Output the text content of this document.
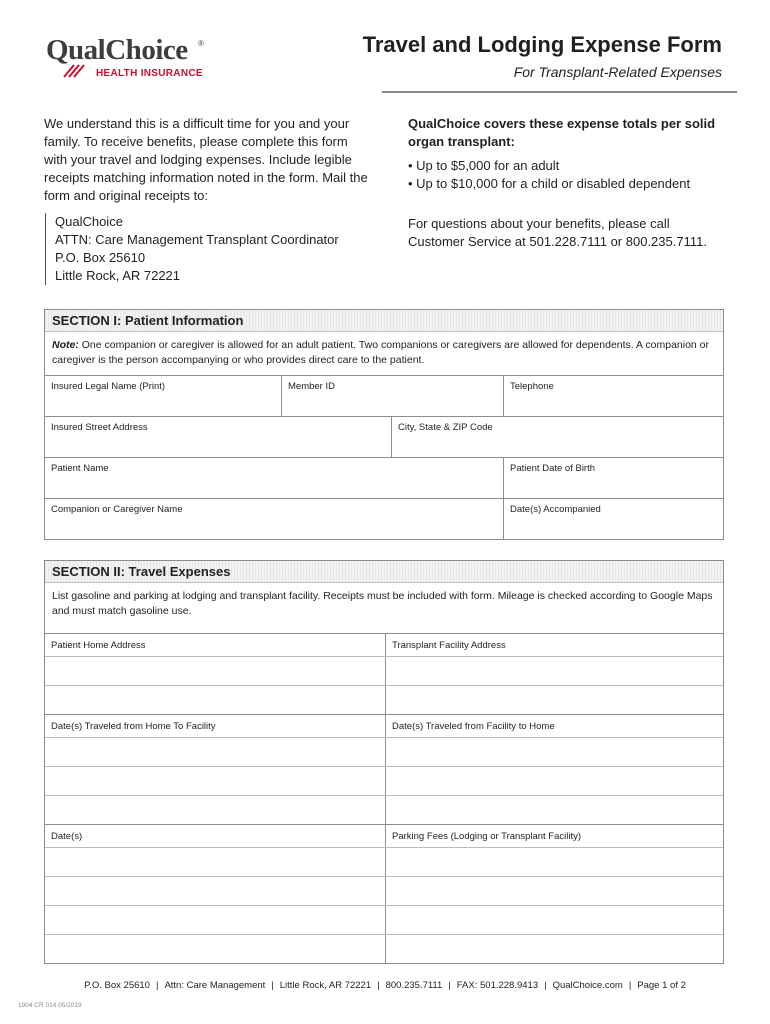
QualChoice ®
HEALTH INSURANCE
Travel and Lodging Expense Form
For Transplant-Related Expenses
We understand this is a difficult time for you and your family. To receive benefits, please complete this form with your travel and lodging expenses. Include legible receipts matching information noted in the form. Mail the form and original receipts to:
QualChoice
ATTN: Care Management Transplant Coordinator
P.O. Box 25610
Little Rock, AR 72221
QualChoice covers these expense totals per solid organ transplant:
• Up to $5,000 for an adult
• Up to $10,000 for a child or disabled dependent
For questions about your benefits, please call Customer Service at 501.228.7111 or 800.235.7111.
SECTION I: Patient Information
Note: One companion or caregiver is allowed for an adult patient. Two companions or caregivers are allowed for dependents. A companion or caregiver is the person accompanying or who provides direct care to the patient.
Insured Legal Name (Print)	Member ID	Telephone
Insured Street Address	City, State & ZIP Code
Patient Name	Patient Date of Birth
Companion or Caregiver Name	Date(s) Accompanied
SECTION II: Travel Expenses
List gasoline and parking at lodging and transplant facility. Receipts must be included with form. Mileage is checked according to Google Maps and must match gasoline use.
Patient Home Address	Transplant Facility Address
Date(s) Traveled from Home To Facility	Date(s) Traveled from Facility to Home
Date(s)	Parking Fees (Lodging or Transplant Facility)
P.O. Box 25610 | Attn: Care Management | Little Rock, AR 72221 | 800.235.7111 | FAX: 501.228.9413 | QualChoice.com | Page 1 of 2
1904 CR 014 05/2019
